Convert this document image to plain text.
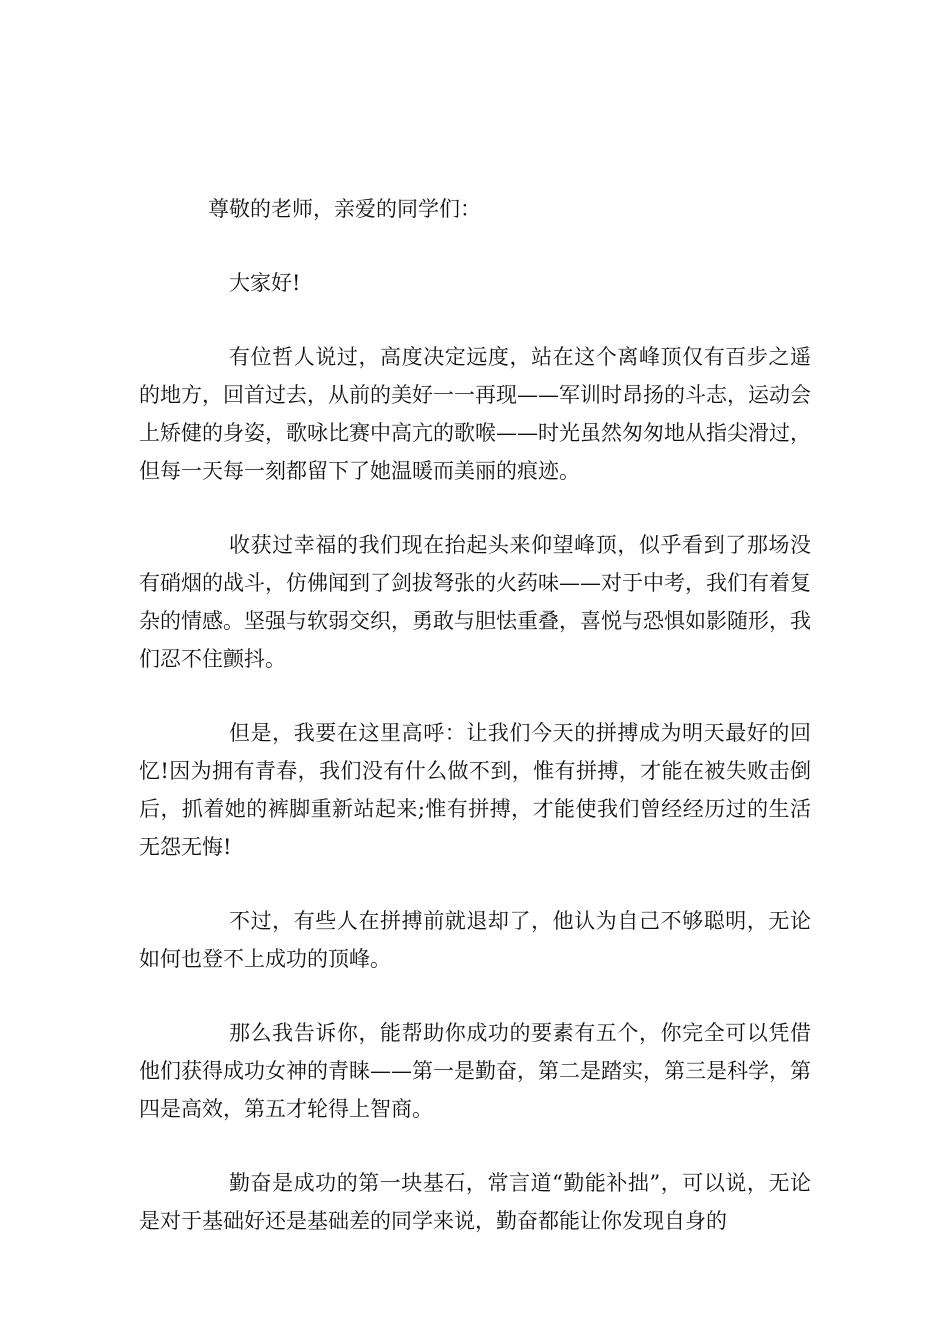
尊敬的老师，亲爱的同学们：

大家好!

有位哲人说过，高度决定远度，站在这个离峰顶仅有百步之遥的地方，回首过去，从前的美好一一再现——军训时昂扬的斗志，运动会上矫健的身姿，歌咏比赛中高亢的歌喉——时光虽然匆匆地从指尖滑过，但每一天每一刻都留下了她温暖而美丽的痕迹。

收获过幸福的我们现在抬起头来仰望峰顶，似乎看到了那场没有硝烟的战斗，仿佛闻到了剑拔弩张的火药味——对于中考，我们有着复杂的情感。坚强与软弱交织，勇敢与胆怯重叠，喜悦与恐惧如影随形，我们忍不住颤抖。

但是，我要在这里高呼：让我们今天的拼搏成为明天最好的回忆!因为拥有青春，我们没有什么做不到，惟有拼搏，才能在被失败击倒后，抓着她的裤脚重新站起来;惟有拼搏，才能使我们曾经经历过的生活无怨无悔!

不过，有些人在拼搏前就退却了，他认为自己不够聪明，无论如何也登不上成功的顶峰。

那么我告诉你，能帮助你成功的要素有五个，你完全可以凭借他们获得成功女神的青睐——第一是勤奋，第二是踏实，第三是科学，第四是高效，第五才轮得上智商。

勤奋是成功的第一块基石，常言道“勤能补拙”，可以说，无论是对于基础好还是基础差的同学来说，勤奋都能让你发现自身的
